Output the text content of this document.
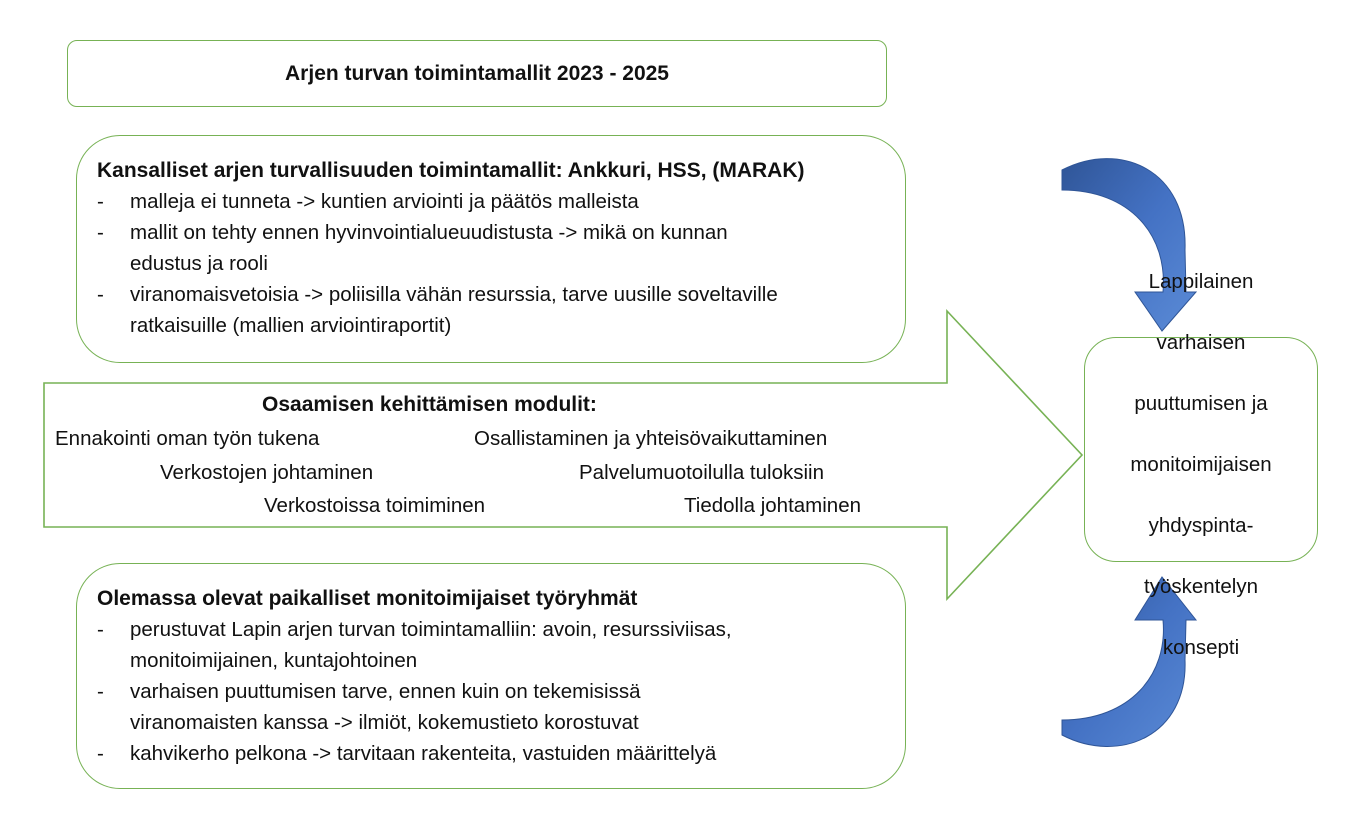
Arjen turvan toimintamallit 2023 - 2025
Kansalliset arjen turvallisuuden toimintamallit: Ankkuri, HSS, (MARAK)
- malleja ei tunneta -> kuntien arviointi ja päätös malleista
- mallit on tehty ennen hyvinvointialueuudistusta -> mikä on kunnan
edustus ja rooli
- viranomaisvetoisia -> poliisilla vähän resurssia, tarve uusille soveltaville
ratkaisuille (mallien arviointiraportit)
Osaamisen kehittämisen modulit:
Ennakointi oman työn tukena	Osallistaminen ja yhteisövaikuttaminen
Verkostojen johtaminen	Palvelumuotoilulla tuloksiin
Verkostoissa toimiminen	Tiedolla johtaminen
Olemassa olevat paikalliset monitoimijaiset työryhmät
- perustuvat Lapin arjen turvan toimintamalliin: avoin, resurssiviisas,
monitoimijainen, kuntajohtoinen
- varhaisen puuttumisen tarve, ennen kuin on tekemisissä
viranomaisten kanssa -> ilmiöt, kokemustieto korostuvat
- kahvikerho pelkona -> tarvitaan rakenteita, vastuiden määrittelyä

Lappilainen

varhaisen

puuttumisen ja

monitoimijaisen

yhdyspinta-

työskentelyn

konsepti
